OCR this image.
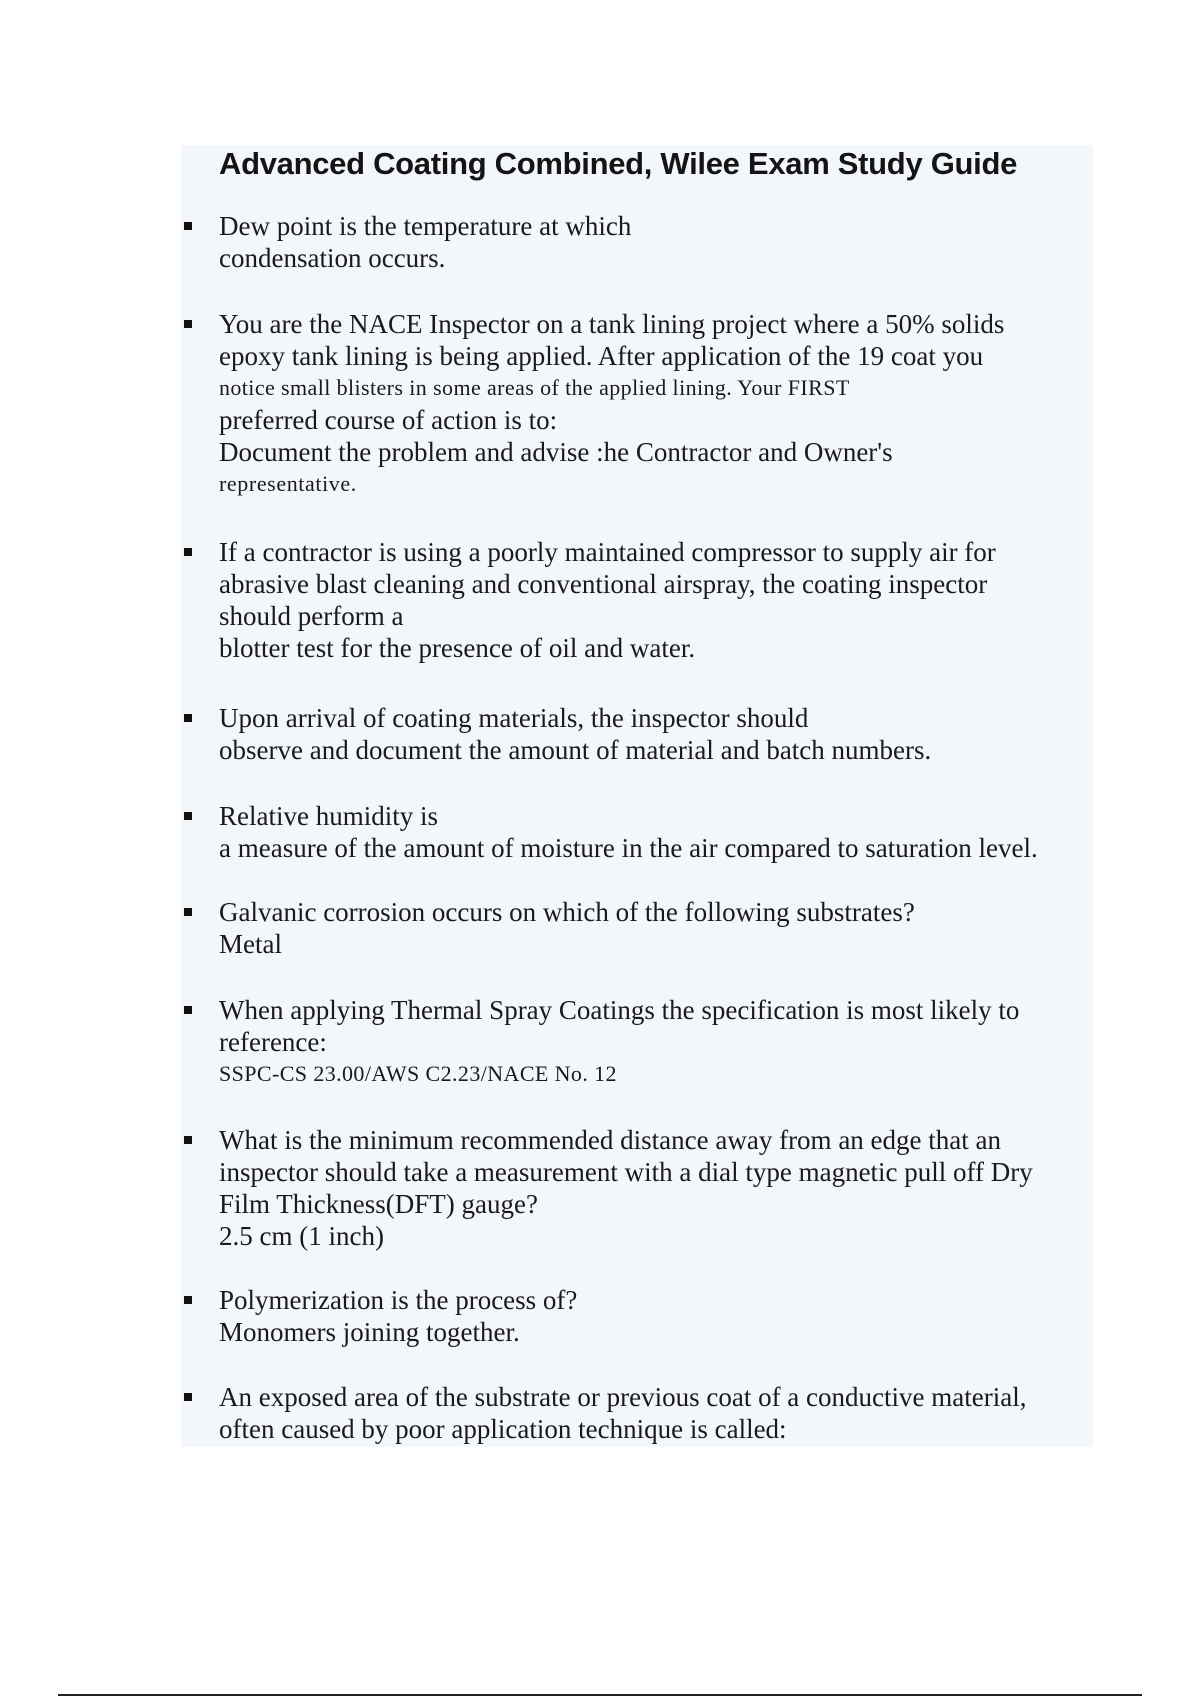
Advanced Coating Combined, Wilee Exam Study Guide
Dew point is the temperature at which
condensation occurs.
You are the NACE Inspector on a tank lining project where a 50% solids
epoxy tank lining is being applied. After application of the 19 coat you
notice small blisters in some areas of the applied lining. Your FIRST
preferred course of action is to:
Document the problem and advise :he Contractor and Owner's
representative.
If a contractor is using a poorly maintained compressor to supply air for
abrasive blast cleaning and conventional airspray, the coating inspector
should perform a
blotter test for the presence of oil and water.
Upon arrival of coating materials, the inspector should
observe and document the amount of material and batch numbers.
Relative humidity is
a measure of the amount of moisture in the air compared to saturation level.
Galvanic corrosion occurs on which of the following substrates?
Metal
When applying Thermal Spray Coatings the specification is most likely to
reference:
SSPC-CS 23.00/AWS C2.23/NACE No. 12
What is the minimum recommended distance away from an edge that an
inspector should take a measurement with a dial type magnetic pull off Dry
Film Thickness(DFT) gauge?
2.5 cm (1 inch)
Polymerization is the process of?
Monomers joining together.
An exposed area of the substrate or previous coat of a conductive material,
often caused by poor application technique is called:
